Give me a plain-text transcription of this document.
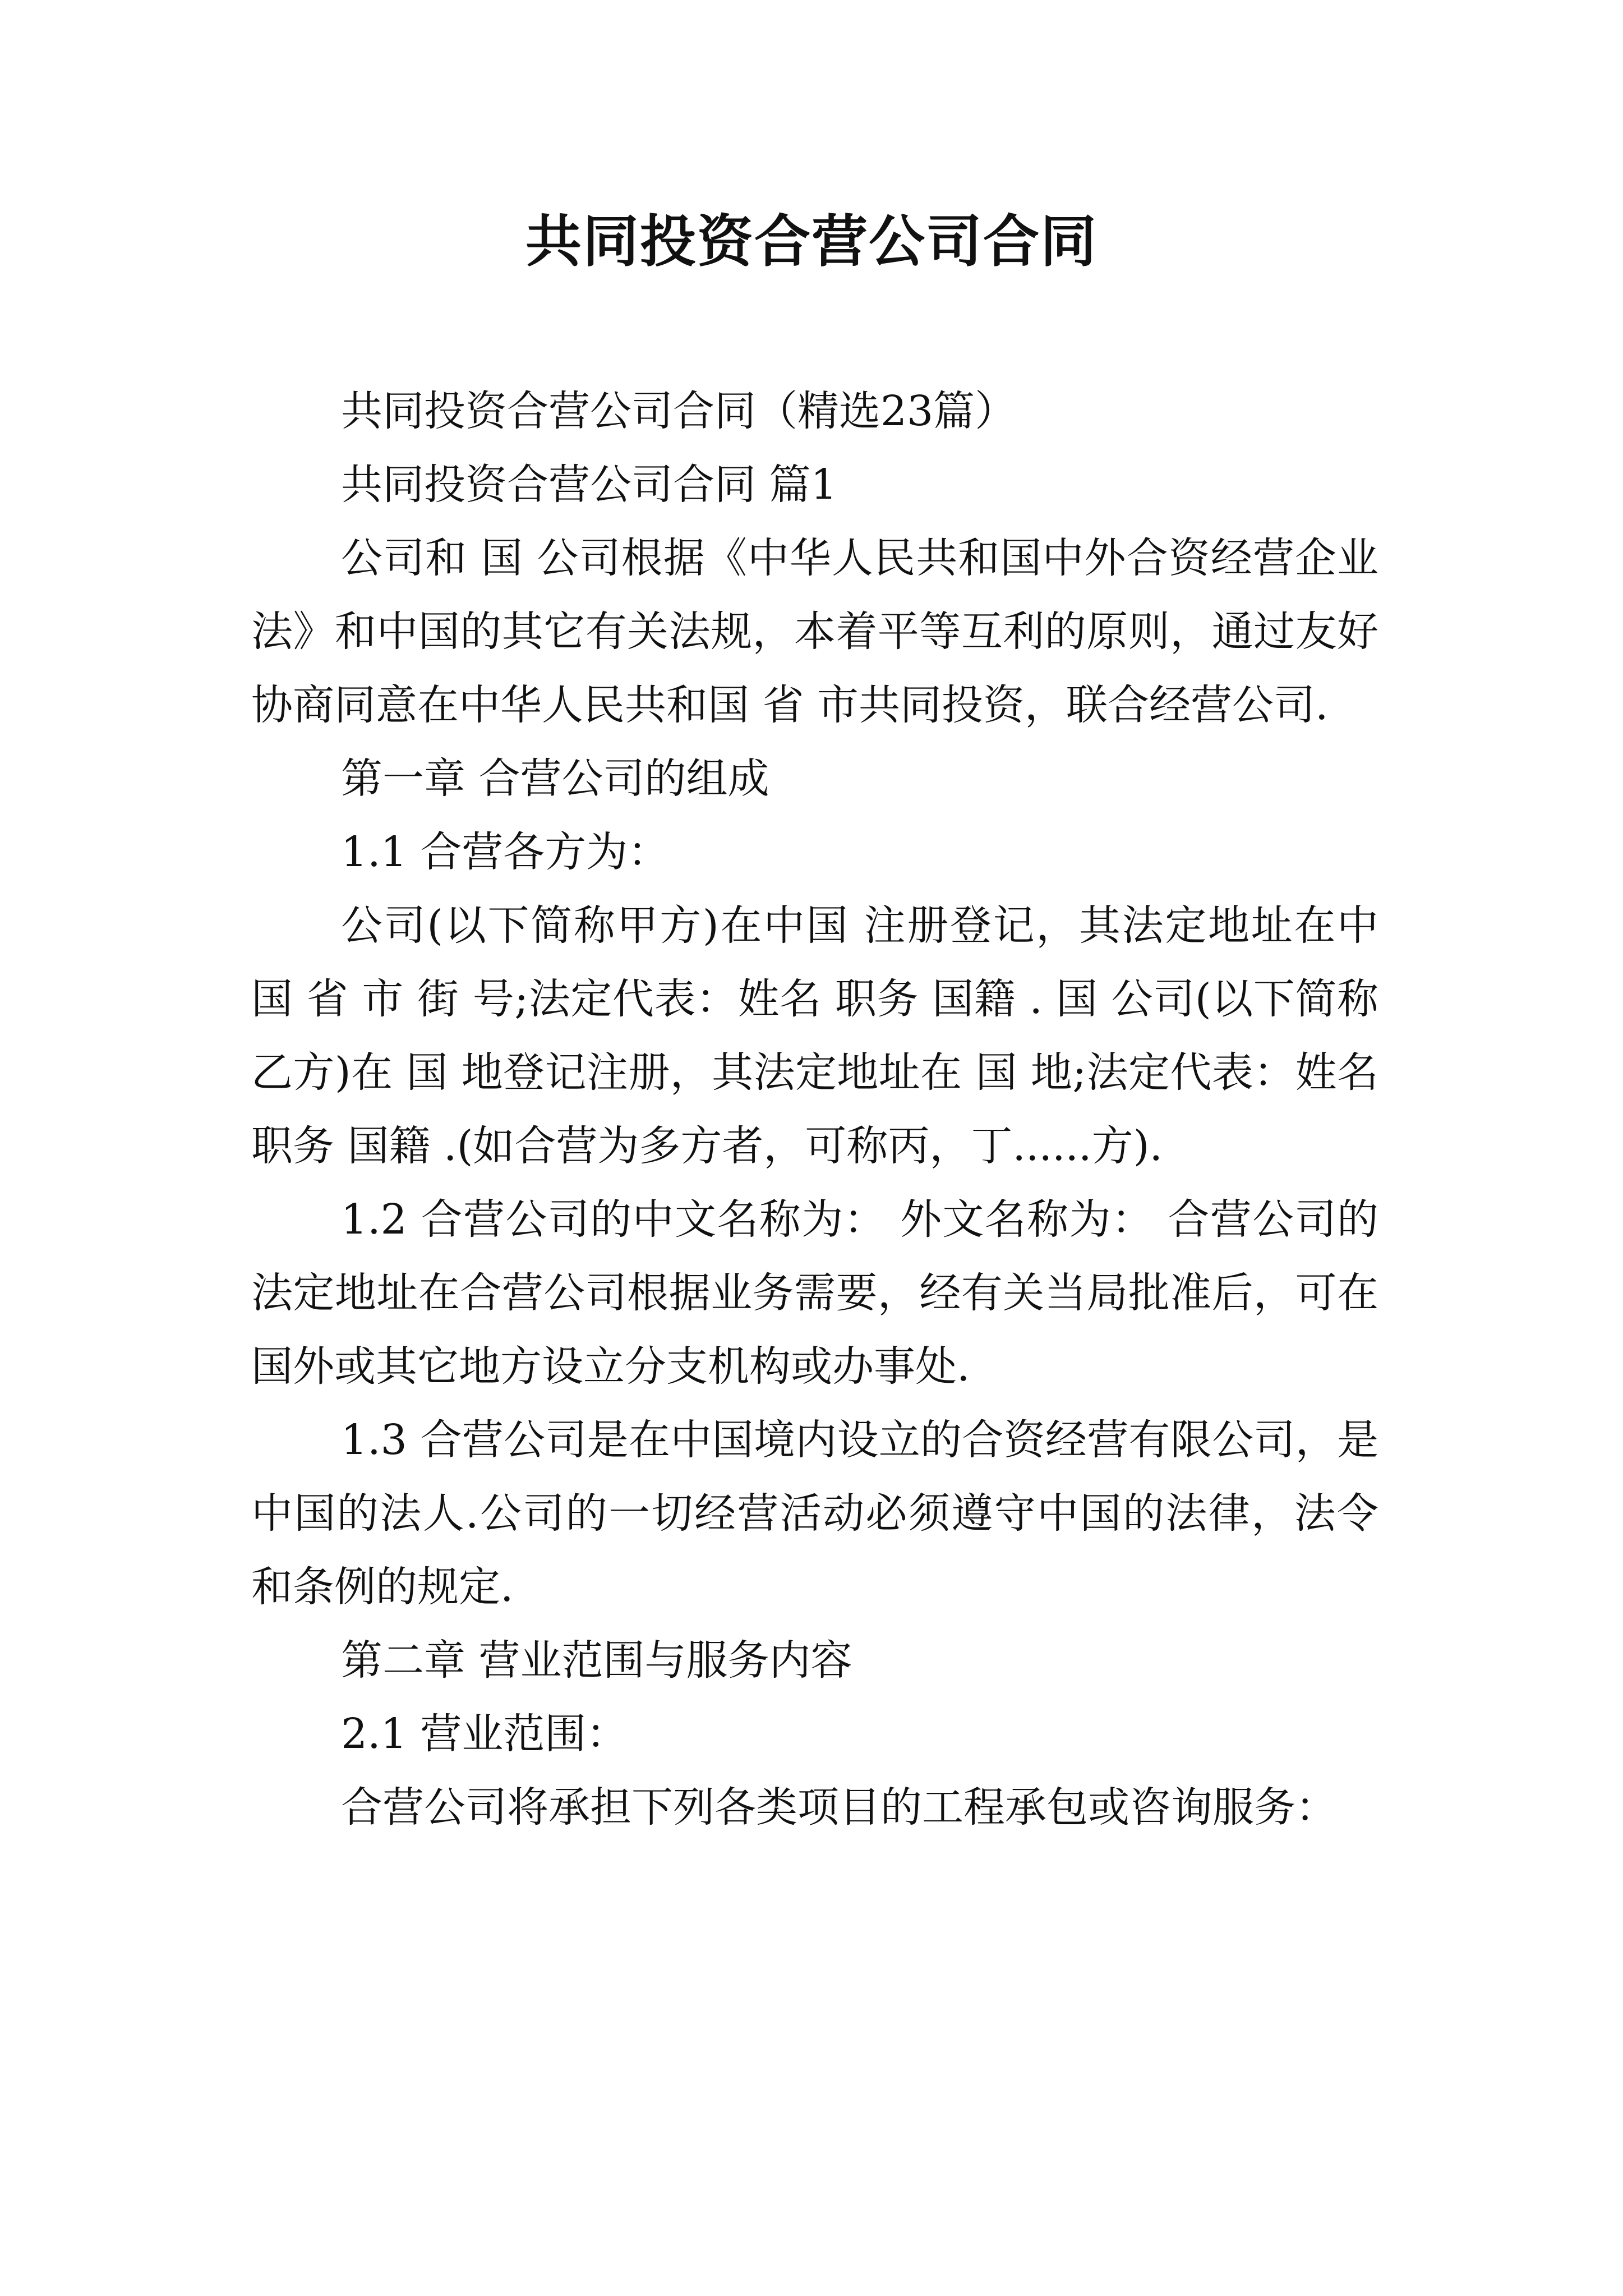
共同投资合营公司合同

共同投资合营公司合同（精选23篇）

共同投资合营公司合同 篇1

公司和 国 公司根据《中华人民共和国中外合资经营企业法》和中国的其它有关法规，本着平等互利的原则，通过友好协商同意在中华人民共和国 省 市共同投资，联合经营公司.

第一章 合营公司的组成

1.1 合营各方为：

公司(以下简称甲方)在中国 注册登记，其法定地址在中国 省 市 街 号;法定代表：姓名 职务 国籍 . 国 公司(以下简称乙方)在 国 地登记注册，其法定地址在 国 地;法定代表：姓名 职务 国籍 .(如合营为多方者，可称丙，丁......方).

1.2 合营公司的中文名称为： 外文名称为： 合营公司的法定地址在合营公司根据业务需要，经有关当局批准后，可在国外或其它地方设立分支机构或办事处.

1.3 合营公司是在中国境内设立的合资经营有限公司，是中国的法人.公司的一切经营活动必须遵守中国的法律，法令和条例的规定.

第二章 营业范围与服务内容

2.1 营业范围：

合营公司将承担下列各类项目的工程承包或咨询服务：
